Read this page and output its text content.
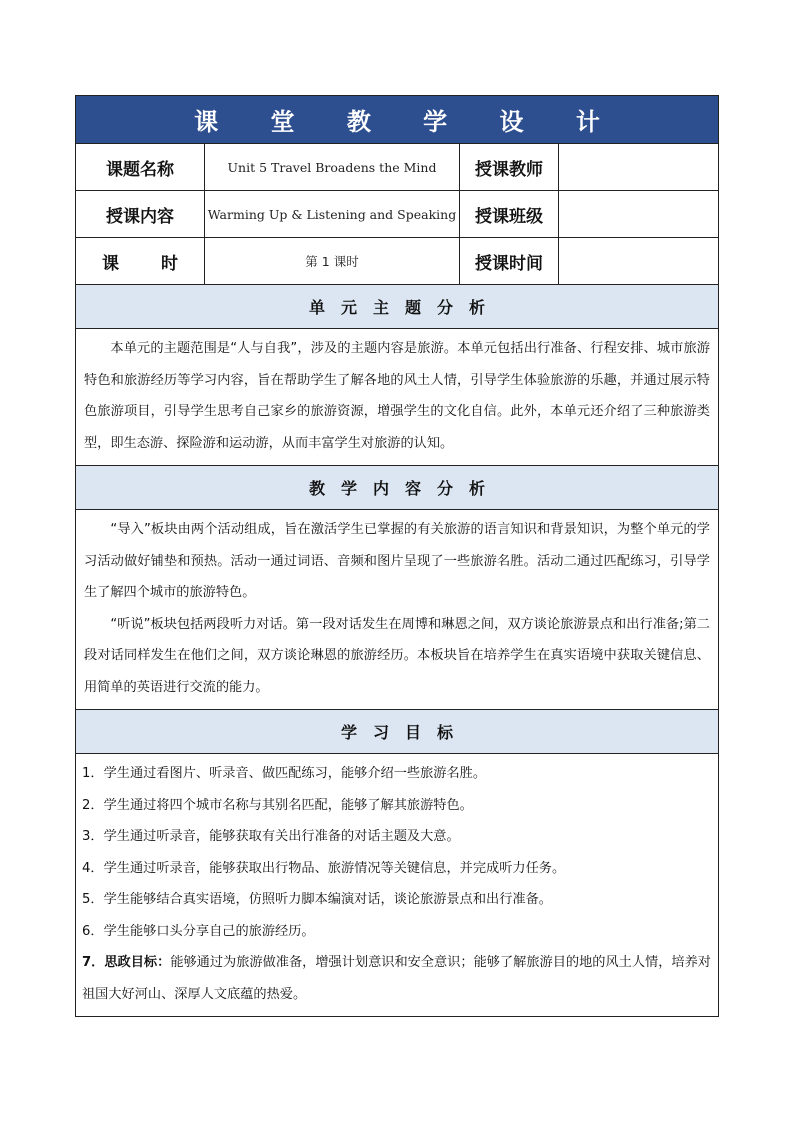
课 堂 教 学 设 计
课题名称	Unit 5 Travel Broadens the Mind	授课教师
授课内容	Warming Up & Listening and Speaking	授课班级
课 时	第 1 课时	授课时间
单元主题分析

本单元的主题范围是“人与自我”，涉及的主题内容是旅游。本单元包括出行准备、行程安排、城市旅游特色和旅游经历等学习内容，旨在帮助学生了解各地的风土人情，引导学生体验旅游的乐趣，并通过展示特色旅游项目，引导学生思考自己家乡的旅游资源，增强学生的文化自信。此外，本单元还介绍了三种旅游类型，即生态游、探险游和运动游，从而丰富学生对旅游的认知。

教学内容分析

“导入”板块由两个活动组成，旨在激活学生已掌握的有关旅游的语言知识和背景知识，为整个单元的学习活动做好铺垫和预热。活动一通过词语、音频和图片呈现了一些旅游名胜。活动二通过匹配练习，引导学生了解四个城市的旅游特色。

“听说”板块包括两段听力对话。第一段对话发生在周博和琳恩之间，双方谈论旅游景点和出行准备;第二段对话同样发生在他们之间，双方谈论琳恩的旅游经历。本板块旨在培养学生在真实语境中获取关键信息、用简单的英语进行交流的能力。

学习目标

1．学生通过看图片、听录音、做匹配练习，能够介绍一些旅游名胜。

2．学生通过将四个城市名称与其别名匹配，能够了解其旅游特色。

3．学生通过听录音，能够获取有关出行准备的对话主题及大意。

4．学生通过听录音，能够获取出行物品、旅游情况等关键信息，并完成听力任务。

5．学生能够结合真实语境，仿照听力脚本编演对话，谈论旅游景点和出行准备。

6．学生能够口头分享自己的旅游经历。

7．思政目标：能够通过为旅游做准备，增强计划意识和安全意识；能够了解旅游目的地的风土人情，培养对祖国大好河山、深厚人文底蕴的热爱。
